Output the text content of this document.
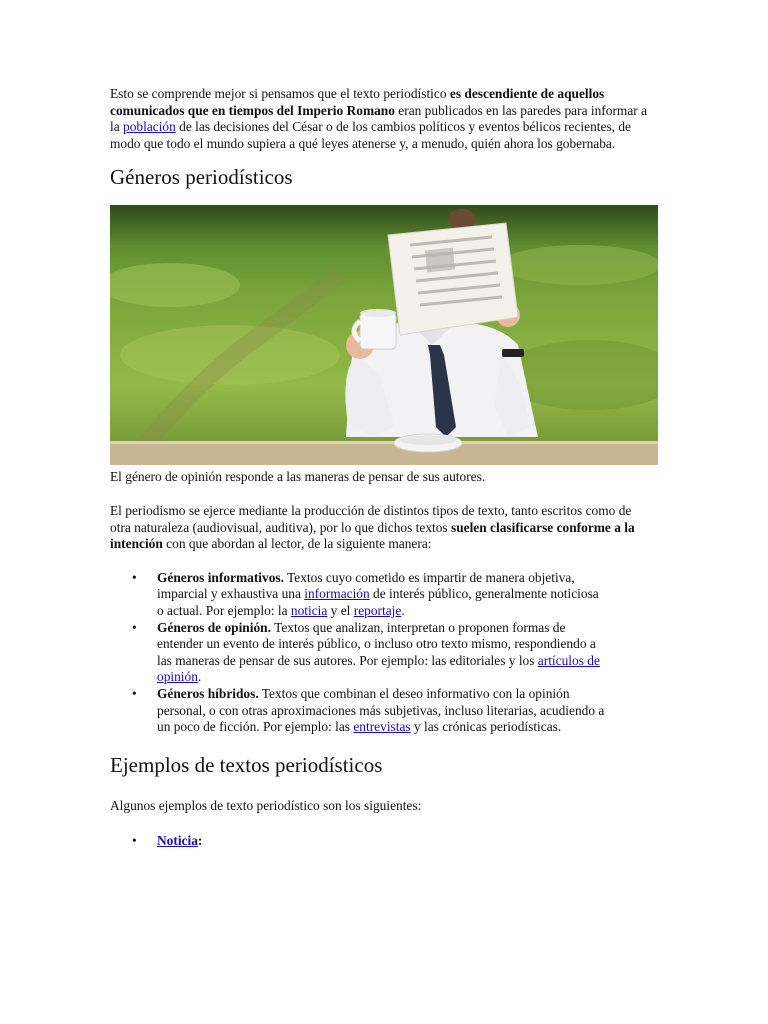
Esto se comprende mejor si pensamos que el texto periodístico es descendiente de aquellos comunicados que en tiempos del Imperio Romano eran publicados en las paredes para informar a la población de las decisiones del César o de los cambios políticos y eventos bélicos recientes, de modo que todo el mundo supiera a qué leyes atenerse y, a menudo, quién ahora los gobernaba.

Géneros periodísticos

El género de opinión responde a las maneras de pensar de sus autores.

El periodismo se ejerce mediante la producción de distintos tipos de texto, tanto escritos como de otra naturaleza (audiovisual, auditiva), por lo que dichos textos suelen clasificarse conforme a la intención con que abordan al lector, de la siguiente manera:

• Géneros informativos. Textos cuyo cometido es impartir de manera objetiva, imparcial y exhaustiva una información de interés público, generalmente noticiosa o actual. Por ejemplo: la noticia y el reportaje.
• Géneros de opinión. Textos que analizan, interpretan o proponen formas de entender un evento de interés público, o incluso otro texto mismo, respondiendo a las maneras de pensar de sus autores. Por ejemplo: las editoriales y los artículos de opinión.
• Géneros híbridos. Textos que combinan el deseo informativo con la opinión personal, o con otras aproximaciones más subjetivas, incluso literarias, acudiendo a un poco de ficción. Por ejemplo: las entrevistas y las crónicas periodísticas.
Ejemplos de textos periodísticos

Algunos ejemplos de texto periodístico son los siguientes:

• Noticia:
